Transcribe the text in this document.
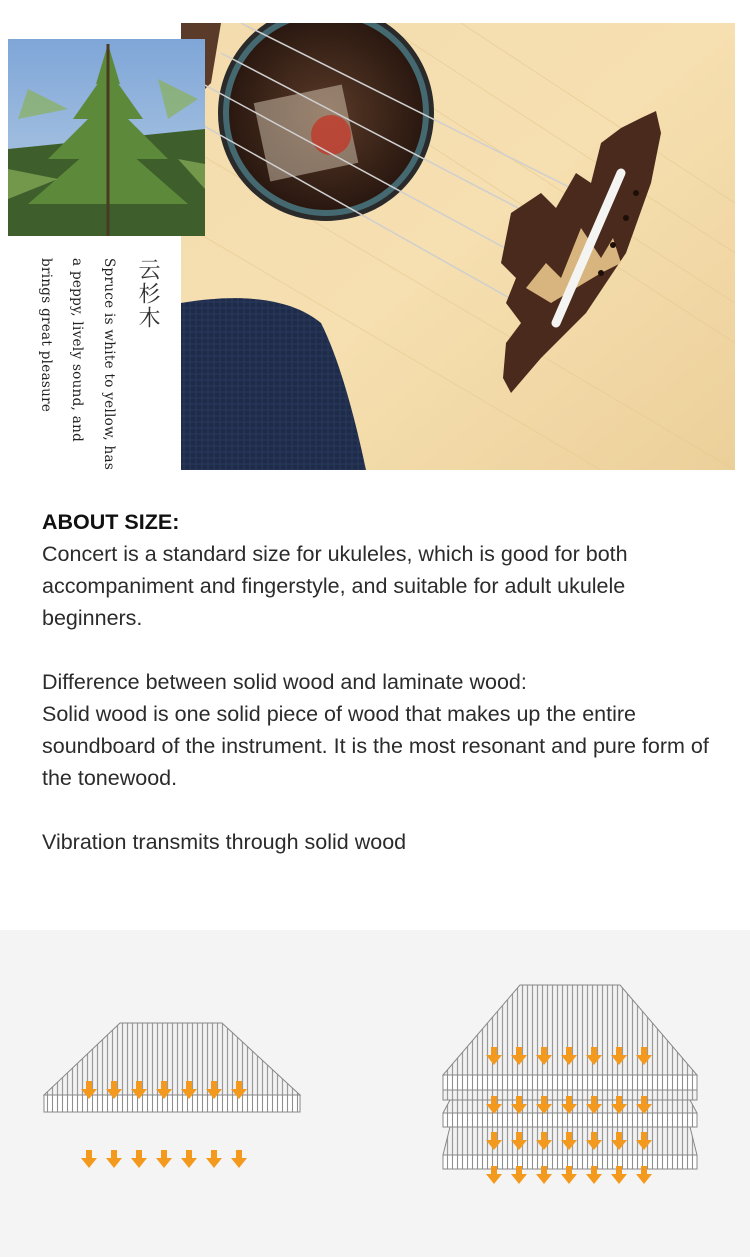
云杉木
Spruce is white to yellow, has
a peppy, lively sound, and
brings great pleasure

ABOUT SIZE:

Concert is a standard size for ukuleles, which is good for both accompaniment and fingerstyle, and suitable for adult ukulele beginners.

Difference between solid wood and laminate wood:

Solid wood is one solid piece of wood that makes up the entire soundboard of the instrument. It is the most resonant and pure form of the tonewood.

Vibration transmits through solid wood
